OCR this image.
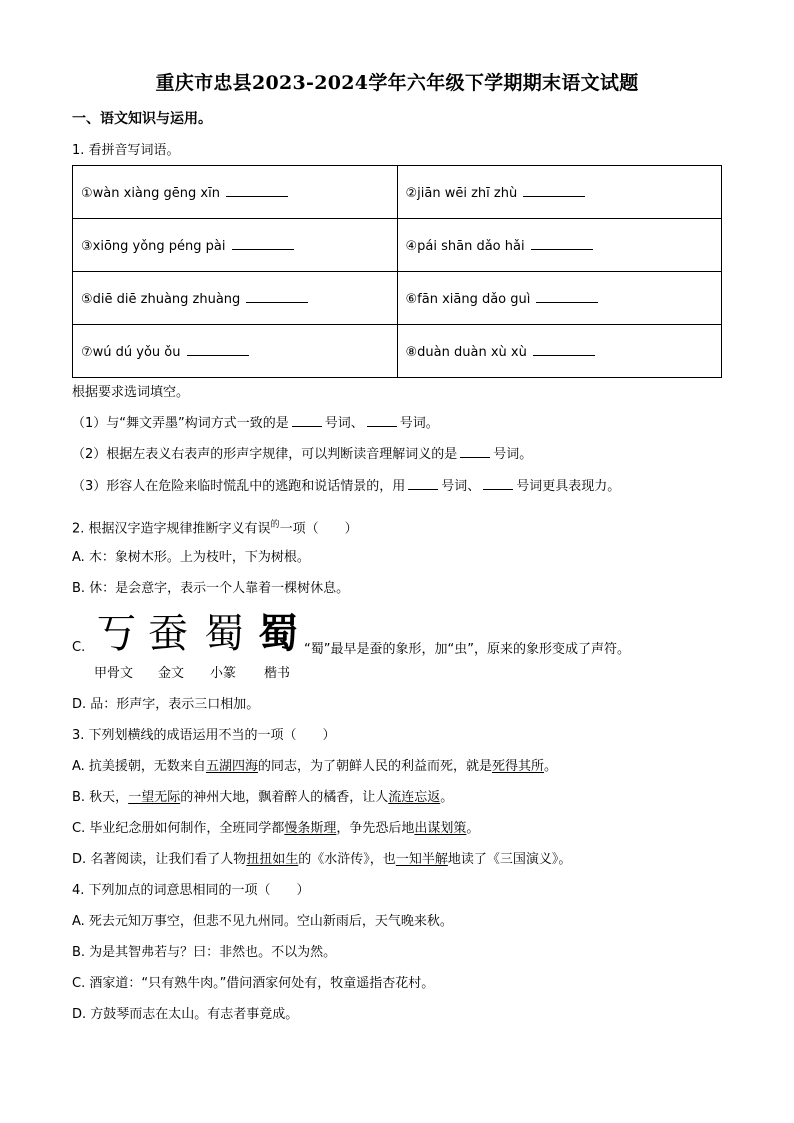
重庆市忠县2023-2024学年六年级下学期期末语文试题
一、语文知识与运用。
1. 看拼音写词语。
①wàn xiàng gēng xīn	②jiān wēi zhī zhù
③xiōng yǒng péng pài	④pái shān dǎo hǎi
⑤diē diē zhuàng zhuàng	⑥fān xiāng dǎo guì
⑦wú dú yǒu ǒu	⑧duàn duàn xù xù
根据要求选词填空。
（1）与“舞文弄墨”构词方式一致的是	号词、	号词。
（2）根据左表义右表声的形声字规律，可以判断读音理解词义的是	号词。
（3）形容人在危险来临时慌乱中的逃跑和说话情景的，用	号词、	号词更具表现力。
2. 根据汉字造字规律推断字义有误$^的$一项（　　）
A. 木：象树木形。上为枝叶，下为树根。
B. 休：是会意字，表示一个人靠着一棵树休息。
C. 丂 蚕 蜀 蜀 “蜀”最早是蚕的象形，加“虫”，原来的象形变成了声符。
甲骨文 金文 小篆 楷书
D. 品：形声字，表示三口相加。
3. 下列划横线的成语运用不当的一项（　　）
A. 抗美援朝，无数来自五湖四海的同志，为了朝鲜人民的利益而死，就是死得其所。
B. 秋天，一望无际的神州大地，飘着醉人的橘香，让人流连忘返。
C. 毕业纪念册如何制作，全班同学都慢条斯理，争先恐后地出谋划策。
D. 名著阅读，让我们看了人物扭扭如生的《水浒传》，也一知半解地读了《三国演义》。
4. 下列加点的词意思相同的一项（　　）
A. 死去元知万事空，但悲不见九州同。空山新雨后，天气晚来秋。
B. 为是其智弗若与？曰：非然也。不以为然。
C. 酒家道：“只有熟牛肉。”借问酒家何处有，牧童遥指杏花村。
D. 方鼓琴而志在太山。有志者事竟成。
